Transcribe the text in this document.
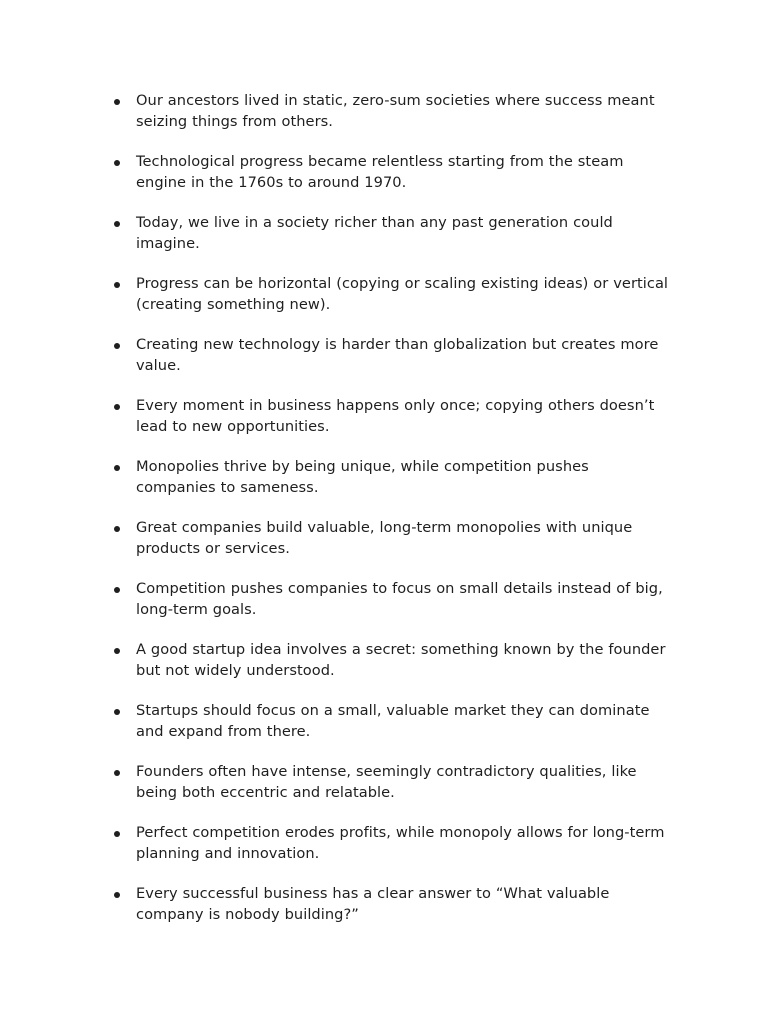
Our ancestors lived in static, zero-sum societies where success meant seizing things from others.
Technological progress became relentless starting from the steam engine in the 1760s to around 1970.
Today, we live in a society richer than any past generation could imagine.
Progress can be horizontal (copying or scaling existing ideas) or vertical (creating something new).
Creating new technology is harder than globalization but creates more value.
Every moment in business happens only once; copying others doesn’t lead to new opportunities.
Monopolies thrive by being unique, while competition pushes companies to sameness.
Great companies build valuable, long-term monopolies with unique products or services.
Competition pushes companies to focus on small details instead of big, long-term goals.
A good startup idea involves a secret: something known by the founder but not widely understood.
Startups should focus on a small, valuable market they can dominate and expand from there.
Founders often have intense, seemingly contradictory qualities, like being both eccentric and relatable.
Perfect competition erodes profits, while monopoly allows for long-term planning and innovation.
Every successful business has a clear answer to “What valuable company is nobody building?”
